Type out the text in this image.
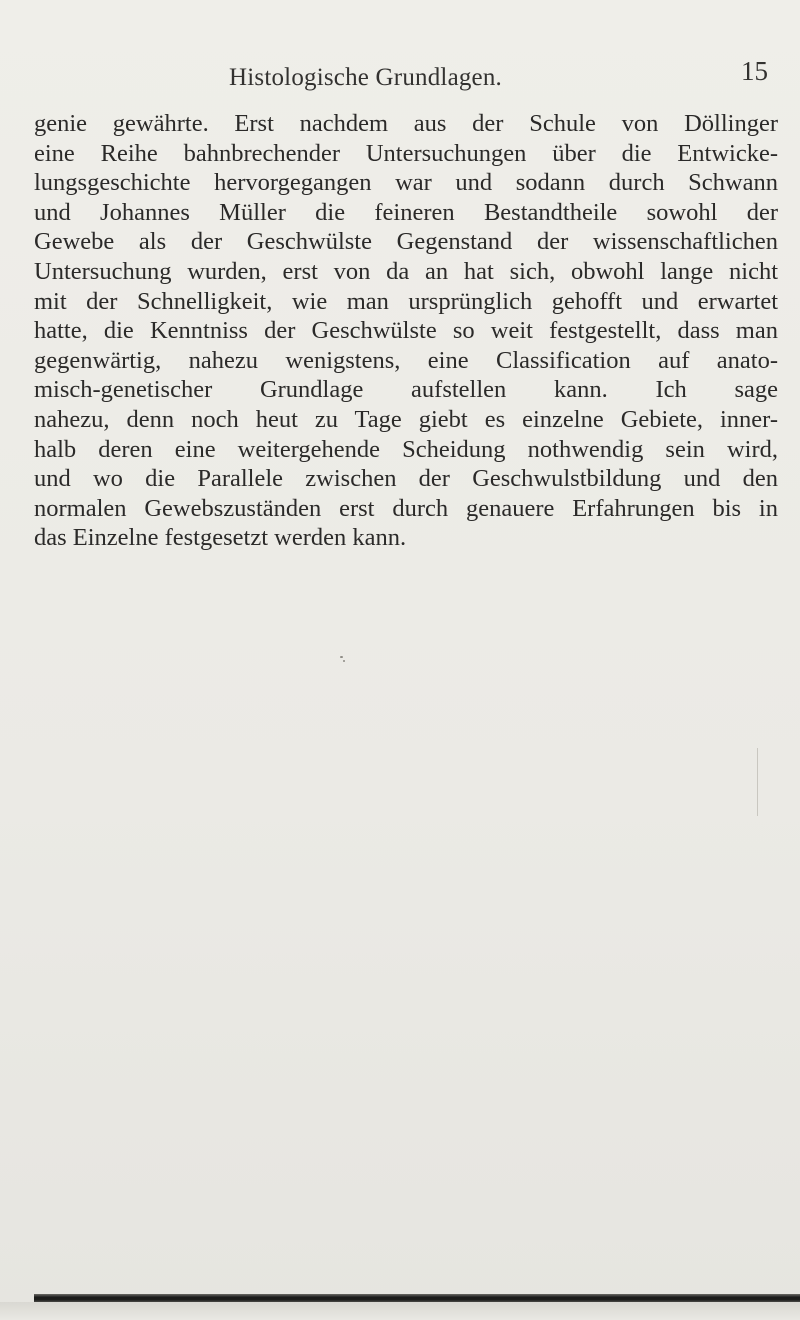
Histologische Grundlagen.	15
genie gewährte. Erst nachdem aus der Schule von Döllinger
eine Reihe bahnbrechender Untersuchungen über die Entwicke-
lungsgeschichte hervorgegangen war und sodann durch Schwann
und Johannes Müller die feineren Bestandtheile sowohl der
Gewebe als der Geschwülste Gegenstand der wissenschaftlichen
Untersuchung wurden, erst von da an hat sich, obwohl lange nicht
mit der Schnelligkeit, wie man ursprünglich gehofft und erwartet
hatte, die Kenntniss der Geschwülste so weit festgestellt, dass man
gegenwärtig, nahezu wenigstens, eine Classification auf anato-
misch-genetischer Grundlage aufstellen kann. Ich sage
nahezu, denn noch heut zu Tage giebt es einzelne Gebiete, inner-
halb deren eine weitergehende Scheidung nothwendig sein wird,
und wo die Parallele zwischen der Geschwulstbildung und den
normalen Gewebszuständen erst durch genauere Erfahrungen bis in
das Einzelne festgesetzt werden kann.
